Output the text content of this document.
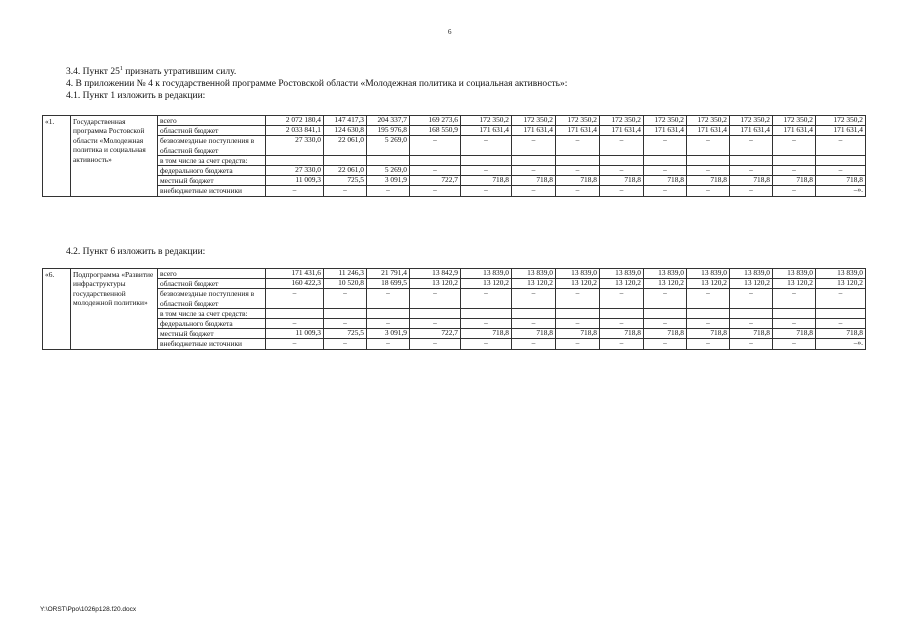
6
3.4. Пункт $25^1$ признать утратившим силу.
4. В приложении № 4 к государственной программе Ростовской области «Молодежная политика и социальная активность»:
4.1. Пункт 1 изложить в редакции:
«1.	Государственная программа Ростовской области «Молодежная политика и социальная активность»	всего	2 072 180,4	147 417,3	204 337,7	169 273,6	172 350,2	172 350,2	172 350,2	172 350,2	172 350,2	172 350,2	172 350,2	172 350,2	172 350,2
		областной бюджет	2 033 841,1	124 630,8	195 976,8	168 550,9	171 631,4	171 631,4	171 631,4	171 631,4	171 631,4	171 631,4	171 631,4	171 631,4	171 631,4
		безвозмездные поступления в областной бюджет	27 330,0	22 061,0	5 269,0	–	–	–	–	–	–	–	–	–	–
		в том числе за счет средств:													
		федерального бюджета	27 330,0	22 061,0	5 269,0	–	–	–	–	–	–	–	–	–	–
		местный бюджет	11 009,3	725,5	3 091,9	722,7	718,8	718,8	718,8	718,8	718,8	718,8	718,8	718,8	718,8
		внебюджетные источники	–	–	–	–	–	–	–	–	–	–	–	–	–».
4.2. Пункт 6 изложить в редакции:
«6.	Подпрограмма «Развитие инфраструктуры государственной молодежной политики»	всего	171 431,6	11 246,3	21 791,4	13 842,9	13 839,0	13 839,0	13 839,0	13 839,0	13 839,0	13 839,0	13 839,0	13 839,0	13 839,0
		областной бюджет	160 422,3	10 520,8	18 699,5	13 120,2	13 120,2	13 120,2	13 120,2	13 120,2	13 120,2	13 120,2	13 120,2	13 120,2	13 120,2
		безвозмездные поступления в областной бюджет	–	–	–	–	–	–	–	–	–	–	–	–	–
		в том числе за счет средств:													
		федерального бюджета	–	–	–	–	–	–	–	–	–	–	–	–	–
		местный бюджет	11 009,3	725,5	3 091,9	722,7	718,8	718,8	718,8	718,8	718,8	718,8	718,8	718,8	718,8
		внебюджетные источники	–	–	–	–	–	–	–	–	–	–	–	–	–».
Y:\ORST\Ppo\1026p128.f20.docx
